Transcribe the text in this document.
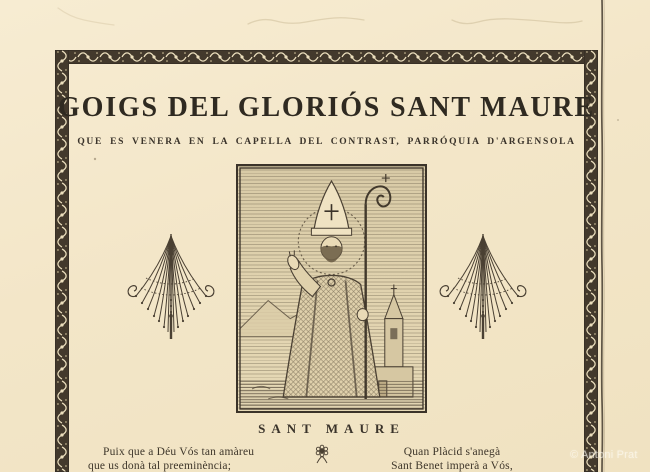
GOIGS DEL GLORIÓS SANT MAURE
QUE ES VENERA EN LA CAPELLA DEL CONTRAST, PARRÓQUIA D'ARGENSOLA
SANT MAURE
Puix que a Déu Vós tan amàreu
que us donà tal preeminència;
Quan Plàcid s'anegà
Sant Benet imperà a Vós,
© Antoni Prat
